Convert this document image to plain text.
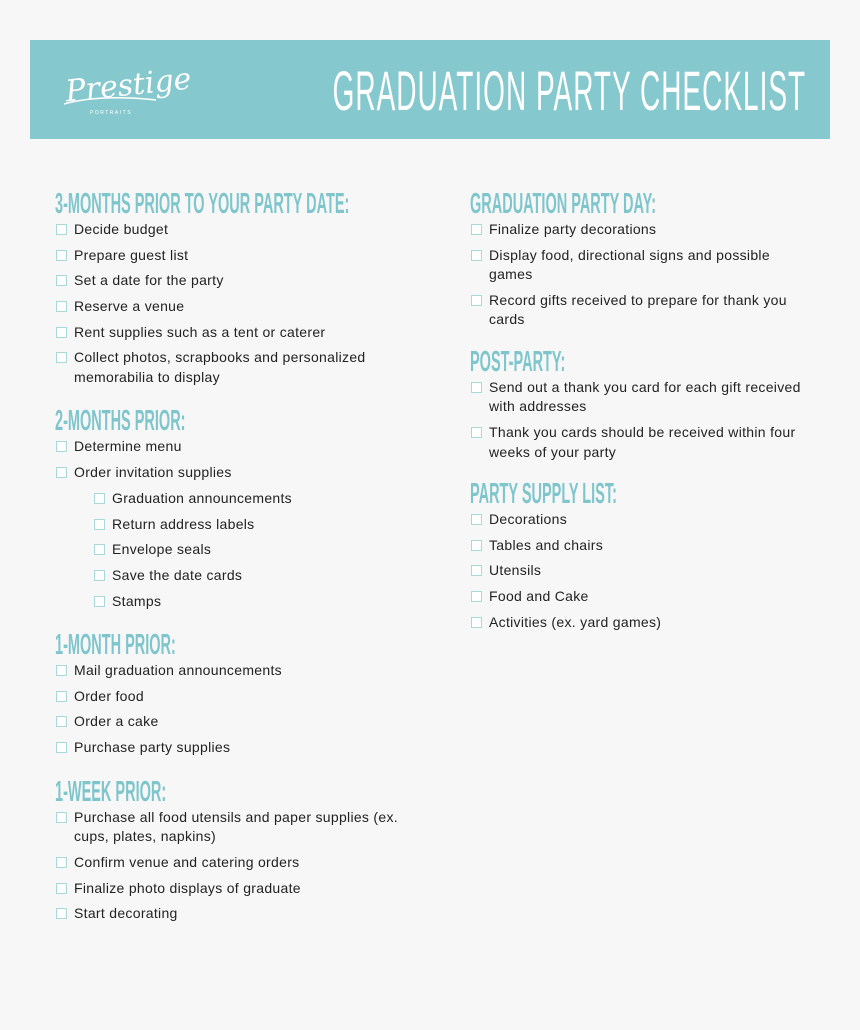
Prestige
PORTRAITS	GRADUATION PARTY CHECKLIST
3-MONTHS PRIOR TO YOUR PARTY DATE:
Decide budget
Prepare guest list
Set a date for the party
Reserve a venue
Rent supplies such as a tent or caterer
Collect photos, scrapbooks and personalized memorabilia to display
2-MONTHS PRIOR:
Determine menu
Order invitation supplies
Graduation announcements
Return address labels
Envelope seals
Save the date cards
Stamps
1-MONTH PRIOR:
Mail graduation announcements
Order food
Order a cake
Purchase party supplies
1-WEEK PRIOR:
Purchase all food utensils and paper supplies (ex. cups, plates, napkins)
Confirm venue and catering orders
Finalize photo displays of graduate
Start decorating
GRADUATION PARTY DAY:
Finalize party decorations
Display food, directional signs and possible games
Record gifts received to prepare for thank you cards
POST-PARTY:
Send out a thank you card for each gift received with addresses
Thank you cards should be received within four weeks of your party
PARTY SUPPLY LIST:
Decorations
Tables and chairs
Utensils
Food and Cake
Activities (ex. yard games)
